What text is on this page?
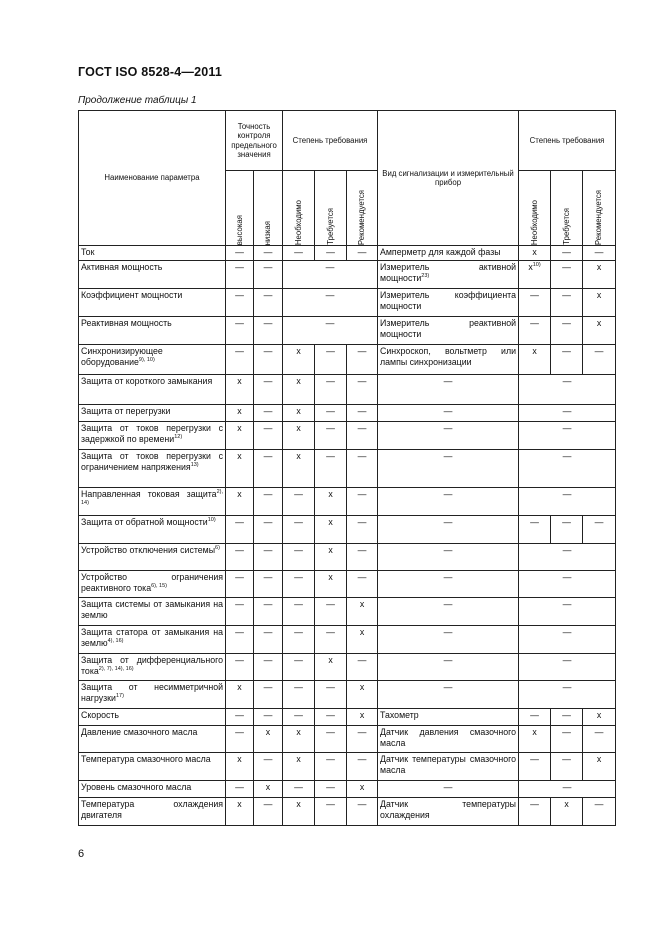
ГОСТ ISO 8528-4—2011
Продолжение таблицы 1
Наименование параметра	Точность контроля предельного значения		Степень требования			Вид сигнализации и измерительный прибор	Степень требования		

	высокая	низкая	Необходимо	Требуется	Рекомендуется		Необходимо	Требуется	Рекомендуется

Ток	—	—	—	—	—	Амперметр для каждой фазы	х	—	—
Активная мощность	—	—	—			Измеритель активной мощности$^{23)}$	$х^{10)}$	—	х
Коэффициент мощности	—	—	—			Измеритель коэффициента мощности	—	—	х
Реактивная мощность	—	—	—			Измеритель реактивной мощности	—	—	х
Синхронизирующее оборудование$^{9), 10)}$	—	—	х	—	—	Синхроскоп, вольтметр или лампы синхронизации	х	—	—
Защита от короткого замыкания	х	—	х	—	—	—	—		
Защита от перегрузки	х	—	х	—	—	—	—		
Защита от токов перегрузки с задержкой по времени$^{12)}$	х	—	х	—	—	—	—		
Защита от токов перегрузки с ограничением напряжения$^{13)}$	х	—	х	—	—	—	—		
Направленная токовая защита$^{2), 14)}$	х	—	—	х	—	—	—		
Защита от обратной мощности$^{10)}$	—	—	—	х	—	—	—	—	—
Устройство отключения системы$^{6)}$	—	—	—	х	—	—	—		
Устройство ограничения реактивного тока$^{6), 15)}$	—	—	—	х	—	—	—		
Защита системы от замыкания на землю	—	—	—	—	х	—	—		
Защита статора от замыкания на землю$^{4), 16)}$	—	—	—	—	х	—	—		
Защита от дифференциального тока$^{2), 7), 14), 16)}$	—	—	—	х	—	—	—		
Защита от несимметричной нагрузки$^{17)}$	х	—	—	—	х	—	—		
Скорость	—	—	—	—	х	Тахометр	—	—	х
Давление смазочного масла	—	х	х	—	—	Датчик давления смазочного масла	х	—	—
Температура смазочного масла	х	—	х	—	—	Датчик температуры смазочного масла	—	—	х
Уровень смазочного масла	—	х	—	—	х	—	—		
Температура охлаждения двигателя	х	—	х	—	—	Датчик температуры охлаждения	—	х	—
6
